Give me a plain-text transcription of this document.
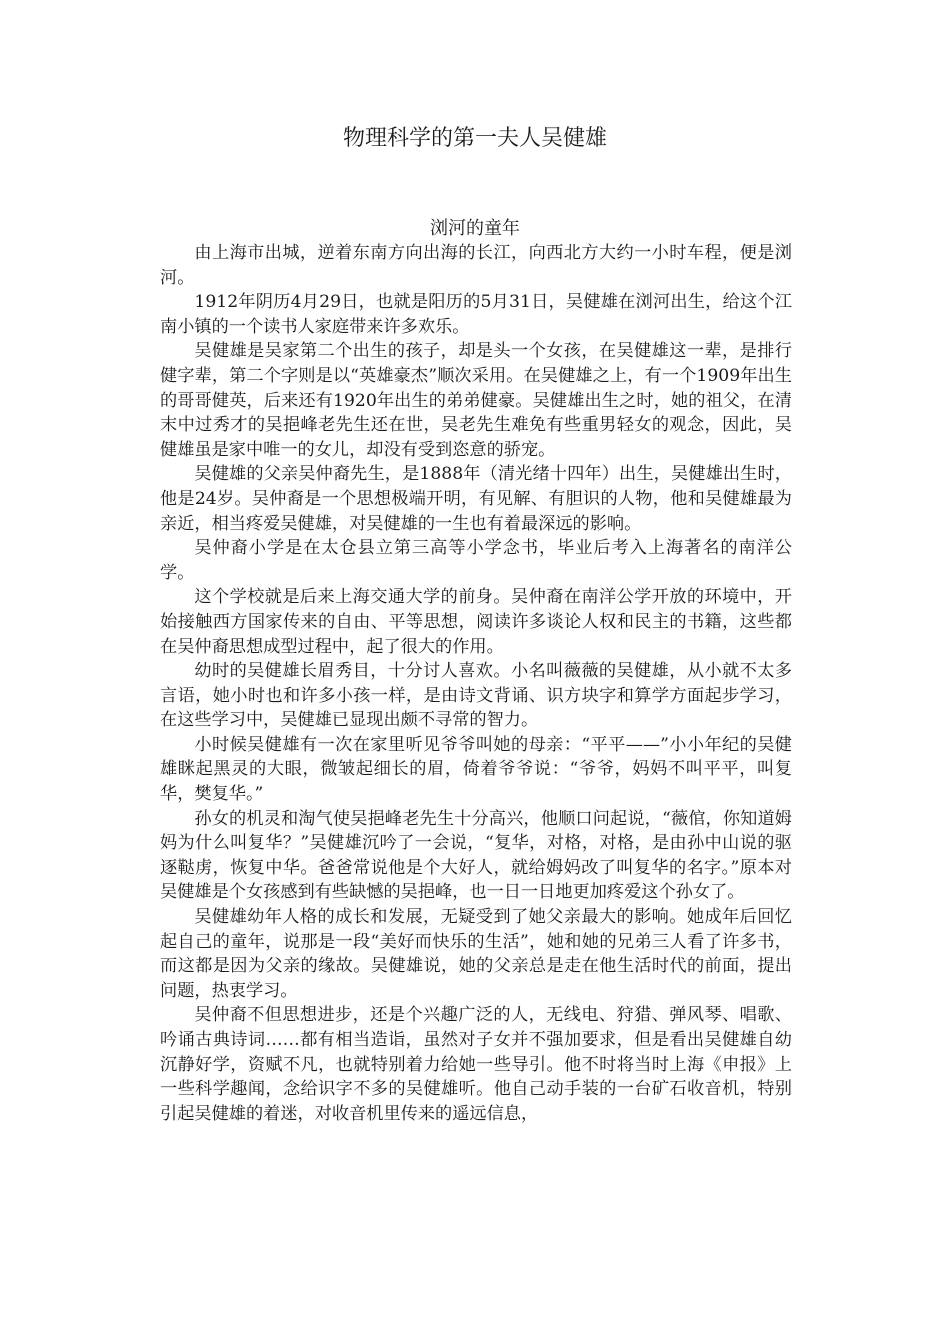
物理科学的第一夫人吴健雄
浏河的童年

由上海市出城，逆着东南方向出海的长江，向西北方大约一小时车程，便是浏河。

1912年阴历4月29日，也就是阳历的5月31日，吴健雄在浏河出生，给这个江南小镇的一个读书人家庭带来许多欢乐。

吴健雄是吴家第二个出生的孩子，却是头一个女孩，在吴健雄这一辈，是排行健字辈，第二个字则是以“英雄豪杰”顺次采用。在吴健雄之上，有一个1909年出生的哥哥健英，后来还有1920年出生的弟弟健豪。吴健雄出生之时，她的祖父，在清末中过秀才的吴挹峰老先生还在世，吴老先生难免有些重男轻女的观念，因此，吴健雄虽是家中唯一的女儿，却没有受到恣意的骄宠。

吴健雄的父亲吴仲裔先生，是1888年（清光绪十四年）出生，吴健雄出生时，他是24岁。吴仲裔是一个思想极端开明，有见解、有胆识的人物，他和吴健雄最为亲近，相当疼爱吴健雄，对吴健雄的一生也有着最深远的影响。

吴仲裔小学是在太仓县立第三高等小学念书，毕业后考入上海著名的南洋公学。

这个学校就是后来上海交通大学的前身。吴仲裔在南洋公学开放的环境中，开始接触西方国家传来的自由、平等思想，阅读许多谈论人权和民主的书籍，这些都在吴仲裔思想成型过程中，起了很大的作用。

幼时的吴健雄长眉秀目，十分讨人喜欢。小名叫薇薇的吴健雄，从小就不太多言语，她小时也和许多小孩一样，是由诗文背诵、识方块字和算学方面起步学习，在这些学习中，吴健雄已显现出颇不寻常的智力。

小时候吴健雄有一次在家里听见爷爷叫她的母亲：“平平——”小小年纪的吴健雄眯起黑灵的大眼，微皱起细长的眉，倚着爷爷说：“爷爷，妈妈不叫平平，叫复华，樊复华。”

孙女的机灵和淘气使吴挹峰老先生十分高兴，他顺口问起说，“薇倌，你知道姆妈为什么叫复华？”吴健雄沉吟了一会说，“复华，对格，对格，是由孙中山说的驱逐鞑虏，恢复中华。爸爸常说他是个大好人，就给姆妈改了叫复华的名字。”原本对吴健雄是个女孩感到有些缺憾的吴挹峰，也一日一日地更加疼爱这个孙女了。

吴健雄幼年人格的成长和发展，无疑受到了她父亲最大的影响。她成年后回忆起自己的童年，说那是一段“美好而快乐的生活”，她和她的兄弟三人看了许多书，而这都是因为父亲的缘故。吴健雄说，她的父亲总是走在他生活时代的前面，提出问题，热衷学习。

吴仲裔不但思想进步，还是个兴趣广泛的人，无线电、狩猎、弹风琴、唱歌、吟诵古典诗词……都有相当造诣，虽然对子女并不强加要求，但是看出吴健雄自幼沉静好学，资赋不凡，也就特别着力给她一些导引。他不时将当时上海《申报》上一些科学趣闻，念给识字不多的吴健雄听。他自己动手装的一台矿石收音机，特别引起吴健雄的着迷，对收音机里传来的遥远信息，
